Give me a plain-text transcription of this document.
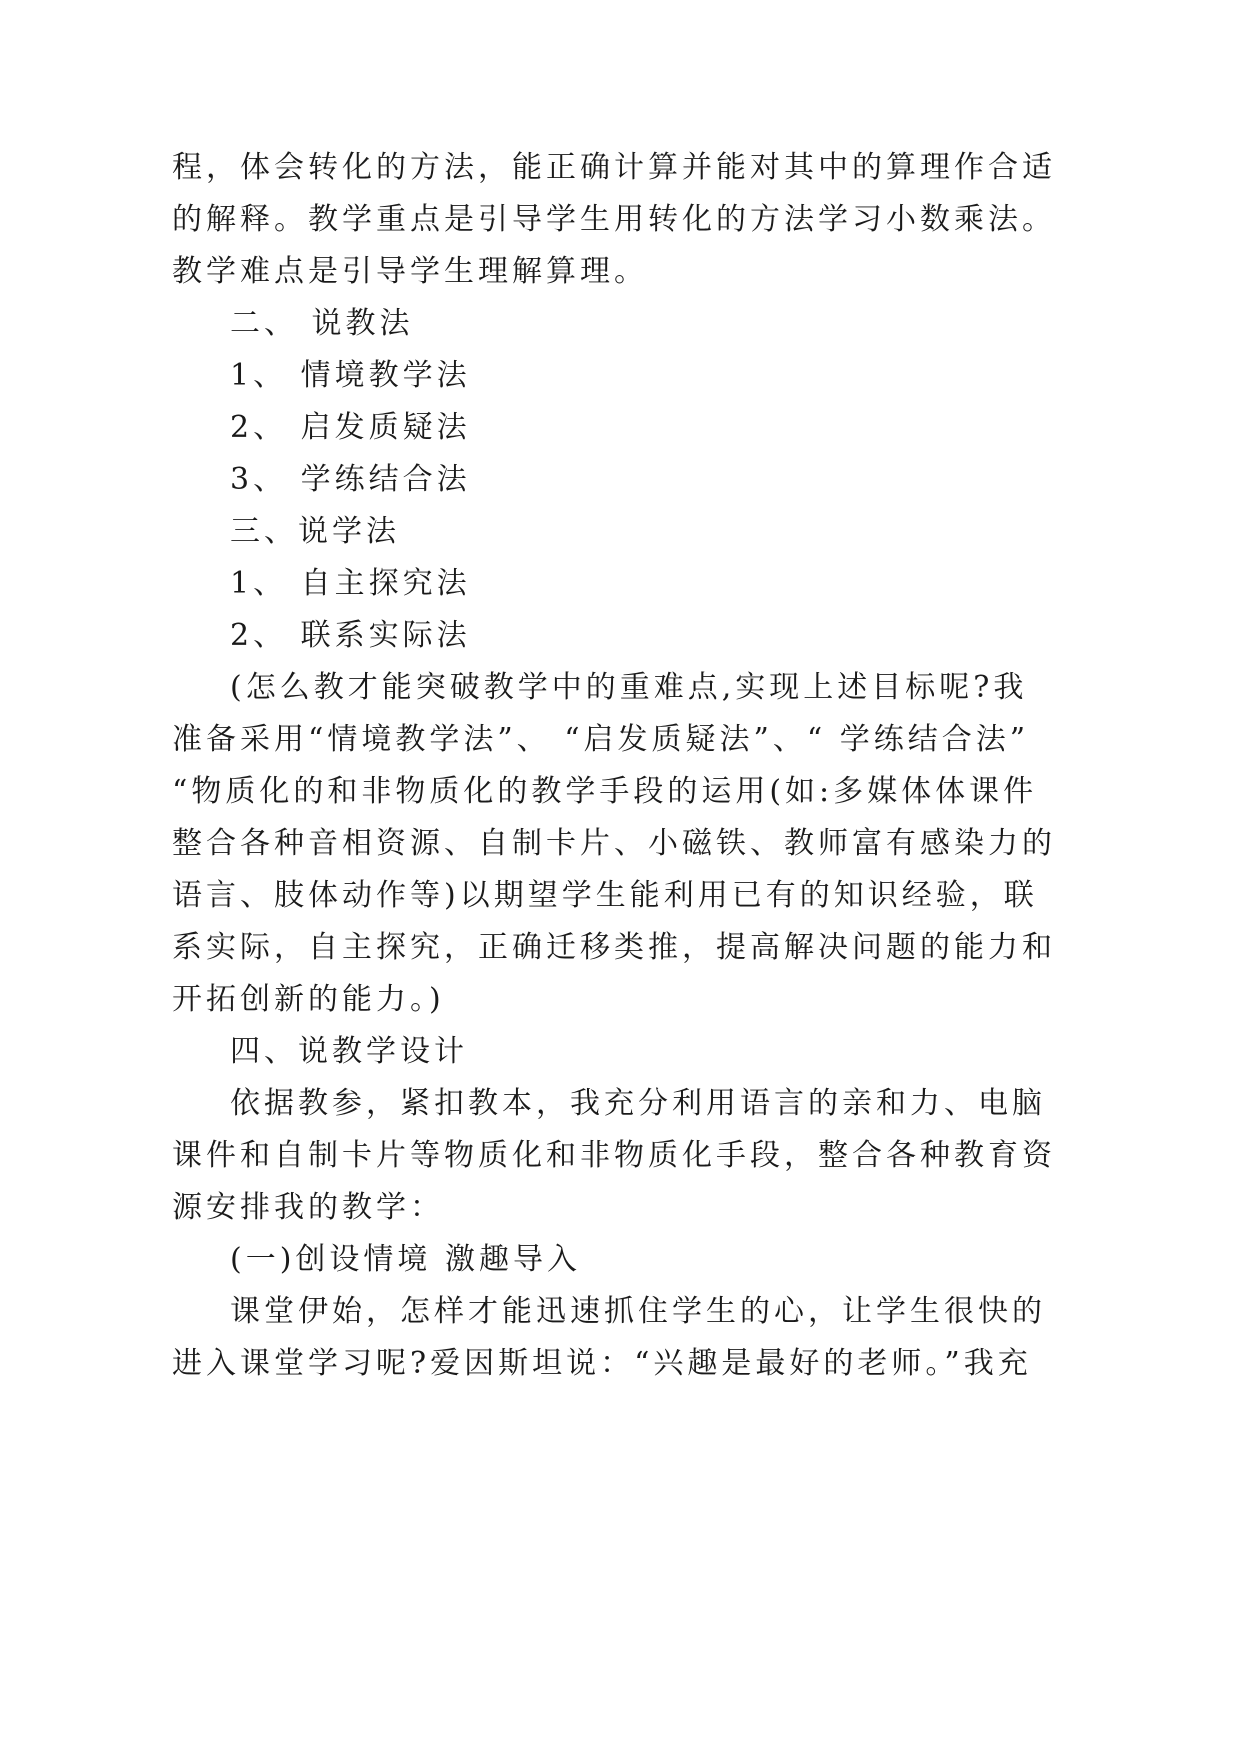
程，体会转化的方法，能正确计算并能对其中的算理作合适
的解释。教学重点是引导学生用转化的方法学习小数乘法。
教学难点是引导学生理解算理。
二、 说教法
1、 情境教学法
2、 启发质疑法
3、 学练结合法
三、说学法
1、 自主探究法
2、 联系实际法
(怎么教才能突破教学中的重难点,实现上述目标呢?我
准备采用“情境教学法”、 “启发质疑法”、“ 学练结合法”
“物质化的和非物质化的教学手段的运用(如:多媒体体课件
整合各种音相资源、自制卡片、小磁铁、教师富有感染力的
语言、肢体动作等)以期望学生能利用已有的知识经验，联
系实际，自主探究，正确迁移类推，提高解决问题的能力和
开拓创新的能力。)
四、说教学设计
依据教参，紧扣教本，我充分利用语言的亲和力、电脑
课件和自制卡片等物质化和非物质化手段，整合各种教育资
源安排我的教学：
(一)创设情境 激趣导入
课堂伊始，怎样才能迅速抓住学生的心，让学生很快的
进入课堂学习呢?爱因斯坦说：“兴趣是最好的老师。”我充
